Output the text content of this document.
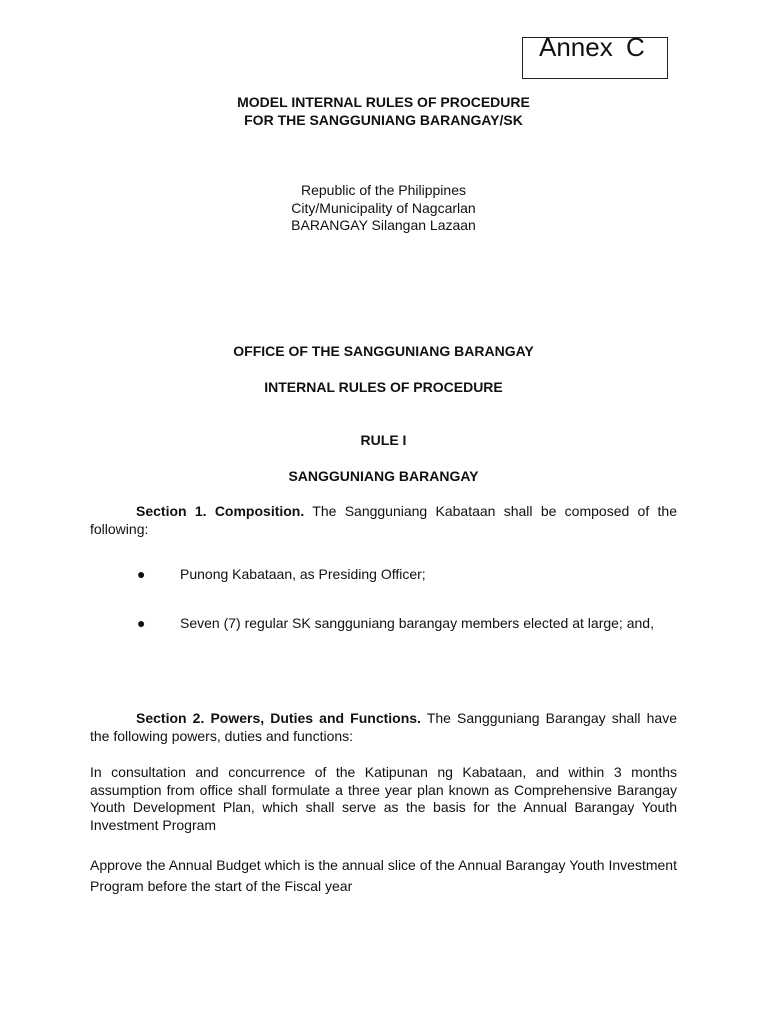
Annex C
MODEL INTERNAL RULES OF PROCEDURE
FOR THE SANGGUNIANG BARANGAY/SK
Republic of the Philippines
City/Municipality of Nagcarlan
BARANGAY Silangan Lazaan
OFFICE OF THE SANGGUNIANG BARANGAY
INTERNAL RULES OF PROCEDURE
RULE I
SANGGUNIANG BARANGAY
Section 1. Composition. The Sangguniang Kabataan shall be composed of the following:
● Punong Kabataan, as Presiding Officer;
● Seven (7) regular SK sangguniang barangay members elected at large; and,
Section 2. Powers, Duties and Functions. The Sangguniang Barangay shall have the following powers, duties and functions:
In consultation and concurrence of the Katipunan ng Kabataan, and within 3 months assumption from office shall formulate a three year plan known as Comprehensive Barangay Youth Development Plan, which shall serve as the basis for the Annual Barangay Youth Investment Program
Approve the Annual Budget which is the annual slice of the Annual Barangay Youth Investment Program before the start of the Fiscal year
